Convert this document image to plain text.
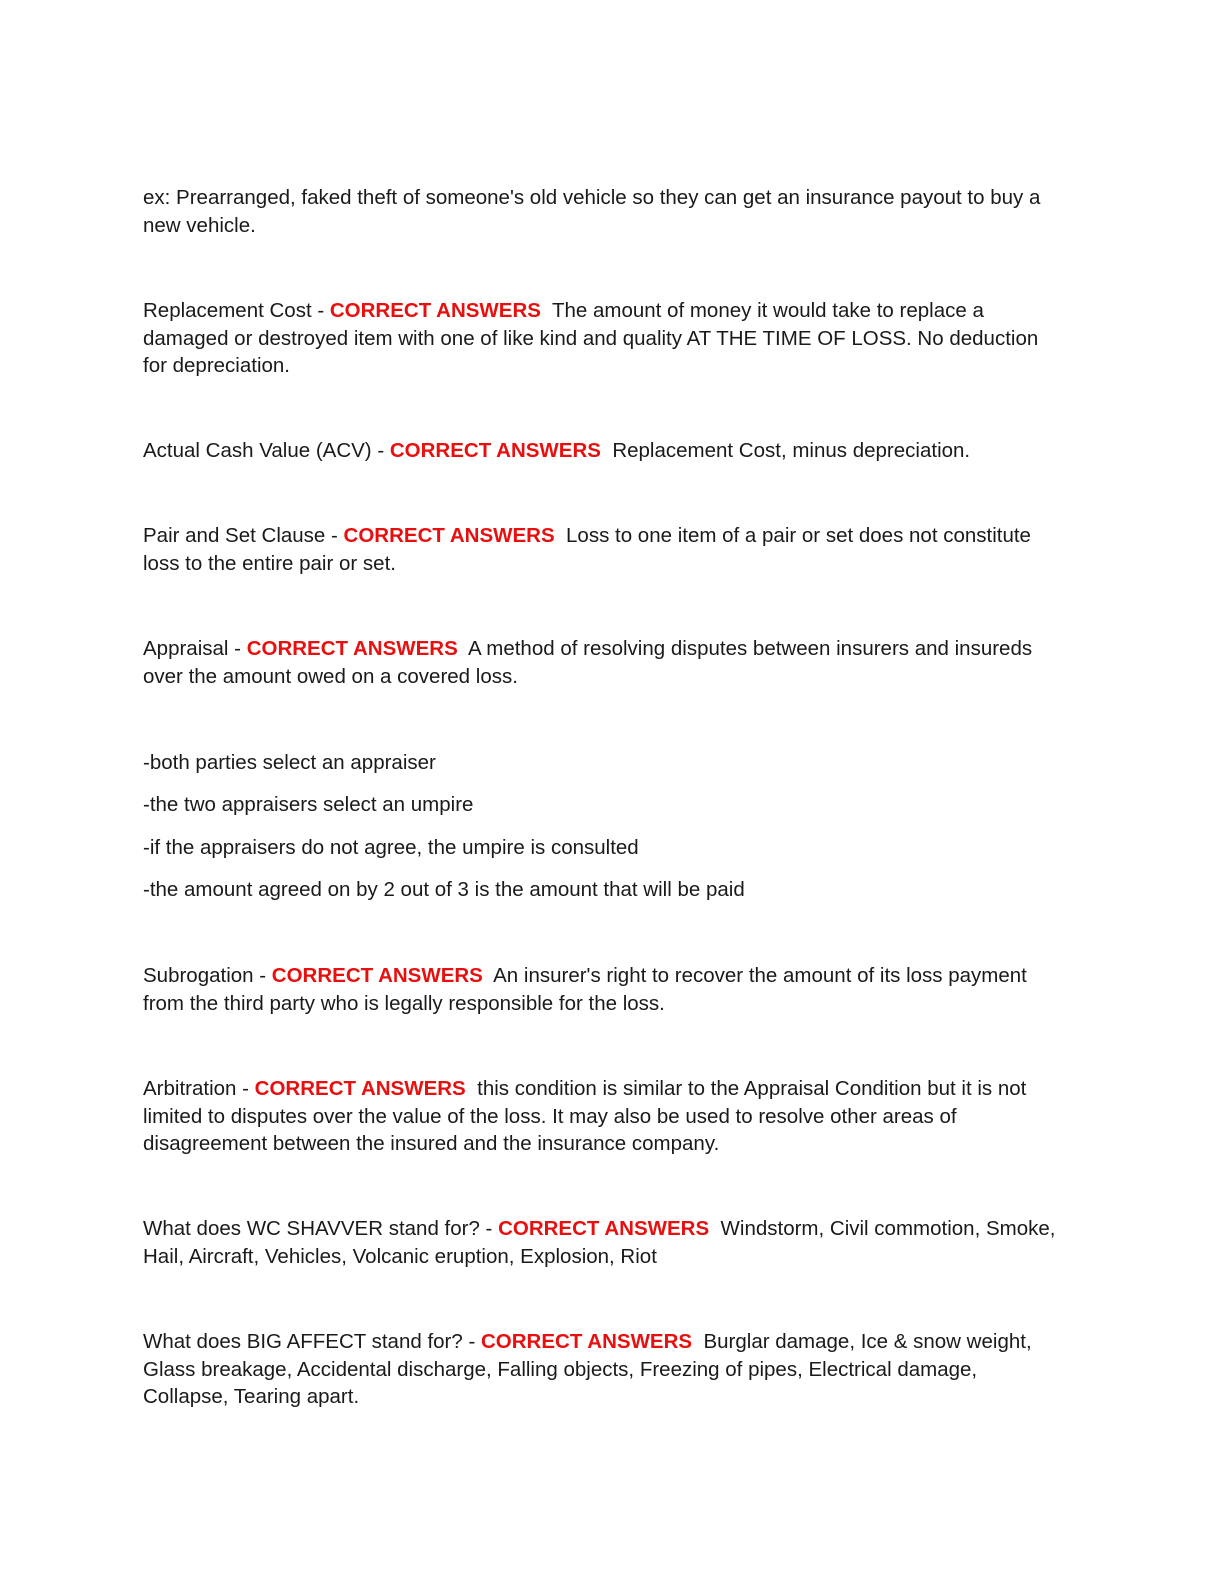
ex: Prearranged, faked theft of someone's old vehicle so they can get an insurance payout to buy a new vehicle.

Replacement Cost - CORRECT ANSWERS  The amount of money it would take to replace a damaged or destroyed item with one of like kind and quality AT THE TIME OF LOSS. No deduction for depreciation.

Actual Cash Value (ACV) - CORRECT ANSWERS  Replacement Cost, minus depreciation.

Pair and Set Clause - CORRECT ANSWERS  Loss to one item of a pair or set does not constitute loss to the entire pair or set.

Appraisal - CORRECT ANSWERS  A method of resolving disputes between insurers and insureds over the amount owed on a covered loss.

-both parties select an appraiser

-the two appraisers select an umpire

-if the appraisers do not agree, the umpire is consulted

-the amount agreed on by 2 out of 3 is the amount that will be paid

Subrogation - CORRECT ANSWERS  An insurer's right to recover the amount of its loss payment from the third party who is legally responsible for the loss.

Arbitration - CORRECT ANSWERS  this condition is similar to the Appraisal Condition but it is not limited to disputes over the value of the loss. It may also be used to resolve other areas of disagreement between the insured and the insurance company.

What does WC SHAVVER stand for? - CORRECT ANSWERS  Windstorm, Civil commotion, Smoke, Hail, Aircraft, Vehicles, Volcanic eruption, Explosion, Riot

What does BIG AFFECT stand for? - CORRECT ANSWERS  Burglar damage, Ice & snow weight, Glass breakage, Accidental discharge, Falling objects, Freezing of pipes, Electrical damage, Collapse, Tearing apart.
